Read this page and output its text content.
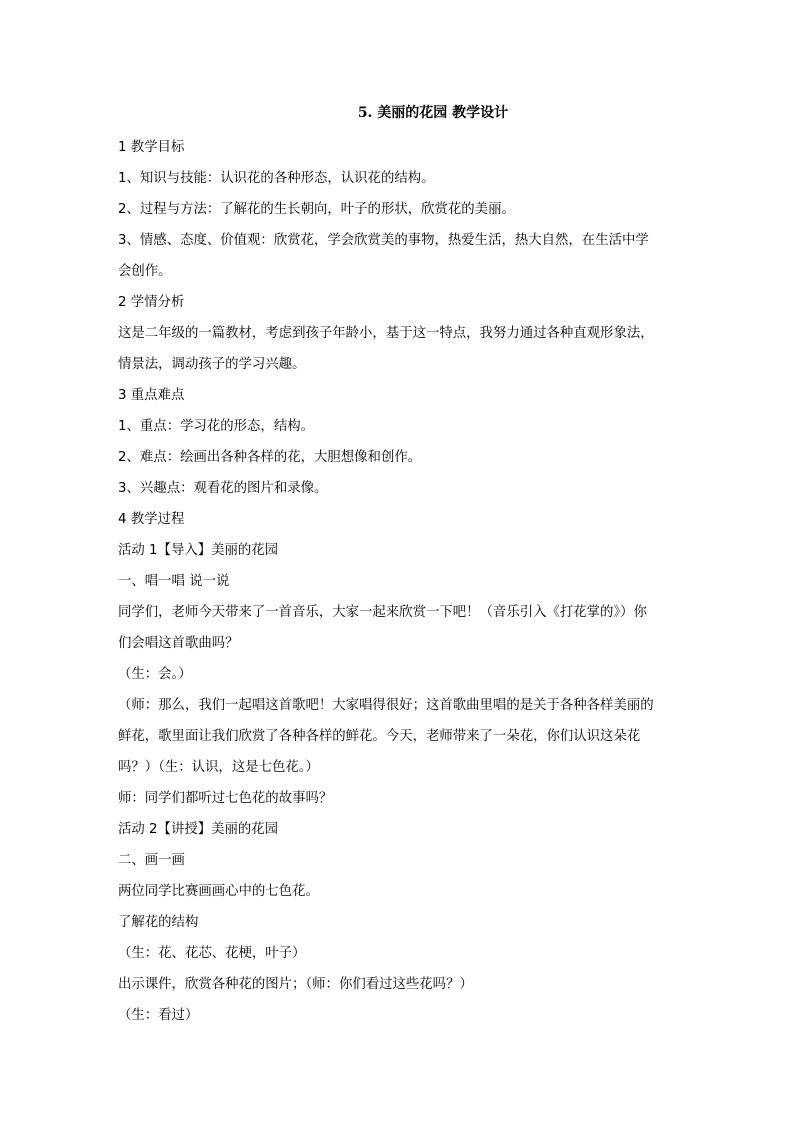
5. 美丽的花园 教学设计
1 教学目标
1、知识与技能：认识花的各种形态，认识花的结构。
2、过程与方法：了解花的生长朝向，叶子的形状，欣赏花的美丽。
3、情感、态度、价值观：欣赏花，学会欣赏美的事物，热爱生活，热大自然，在生活中学
会创作。
2 学情分析
这是二年级的一篇教材，考虑到孩子年龄小，基于这一特点，我努力通过各种直观形象法，
情景法，调动孩子的学习兴趣。
3 重点难点
1、重点：学习花的形态，结构。
2、难点：绘画出各种各样的花，大胆想像和创作。
3、兴趣点：观看花的图片和录像。
4 教学过程
活动 1【导入】美丽的花园
一、唱一唱 说一说
同学们，老师今天带来了一首音乐，大家一起来欣赏一下吧！（音乐引入《打花掌的》）你
们会唱这首歌曲吗？
（生：会。）
（师：那么，我们一起唱这首歌吧！大家唱得很好；这首歌曲里唱的是关于各种各样美丽的
鲜花，歌里面让我们欣赏了各种各样的鲜花。今天，老师带来了一朵花，你们认识这朵花
吗？）（生：认识，这是七色花。）
师：同学们都听过七色花的故事吗？
活动 2【讲授】美丽的花园
二、画一画
两位同学比赛画画心中的七色花。
了解花的结构
（生：花、花芯、花梗，叶子）
出示课件，欣赏各种花的图片；（师：你们看过这些花吗？）
（生：看过）
